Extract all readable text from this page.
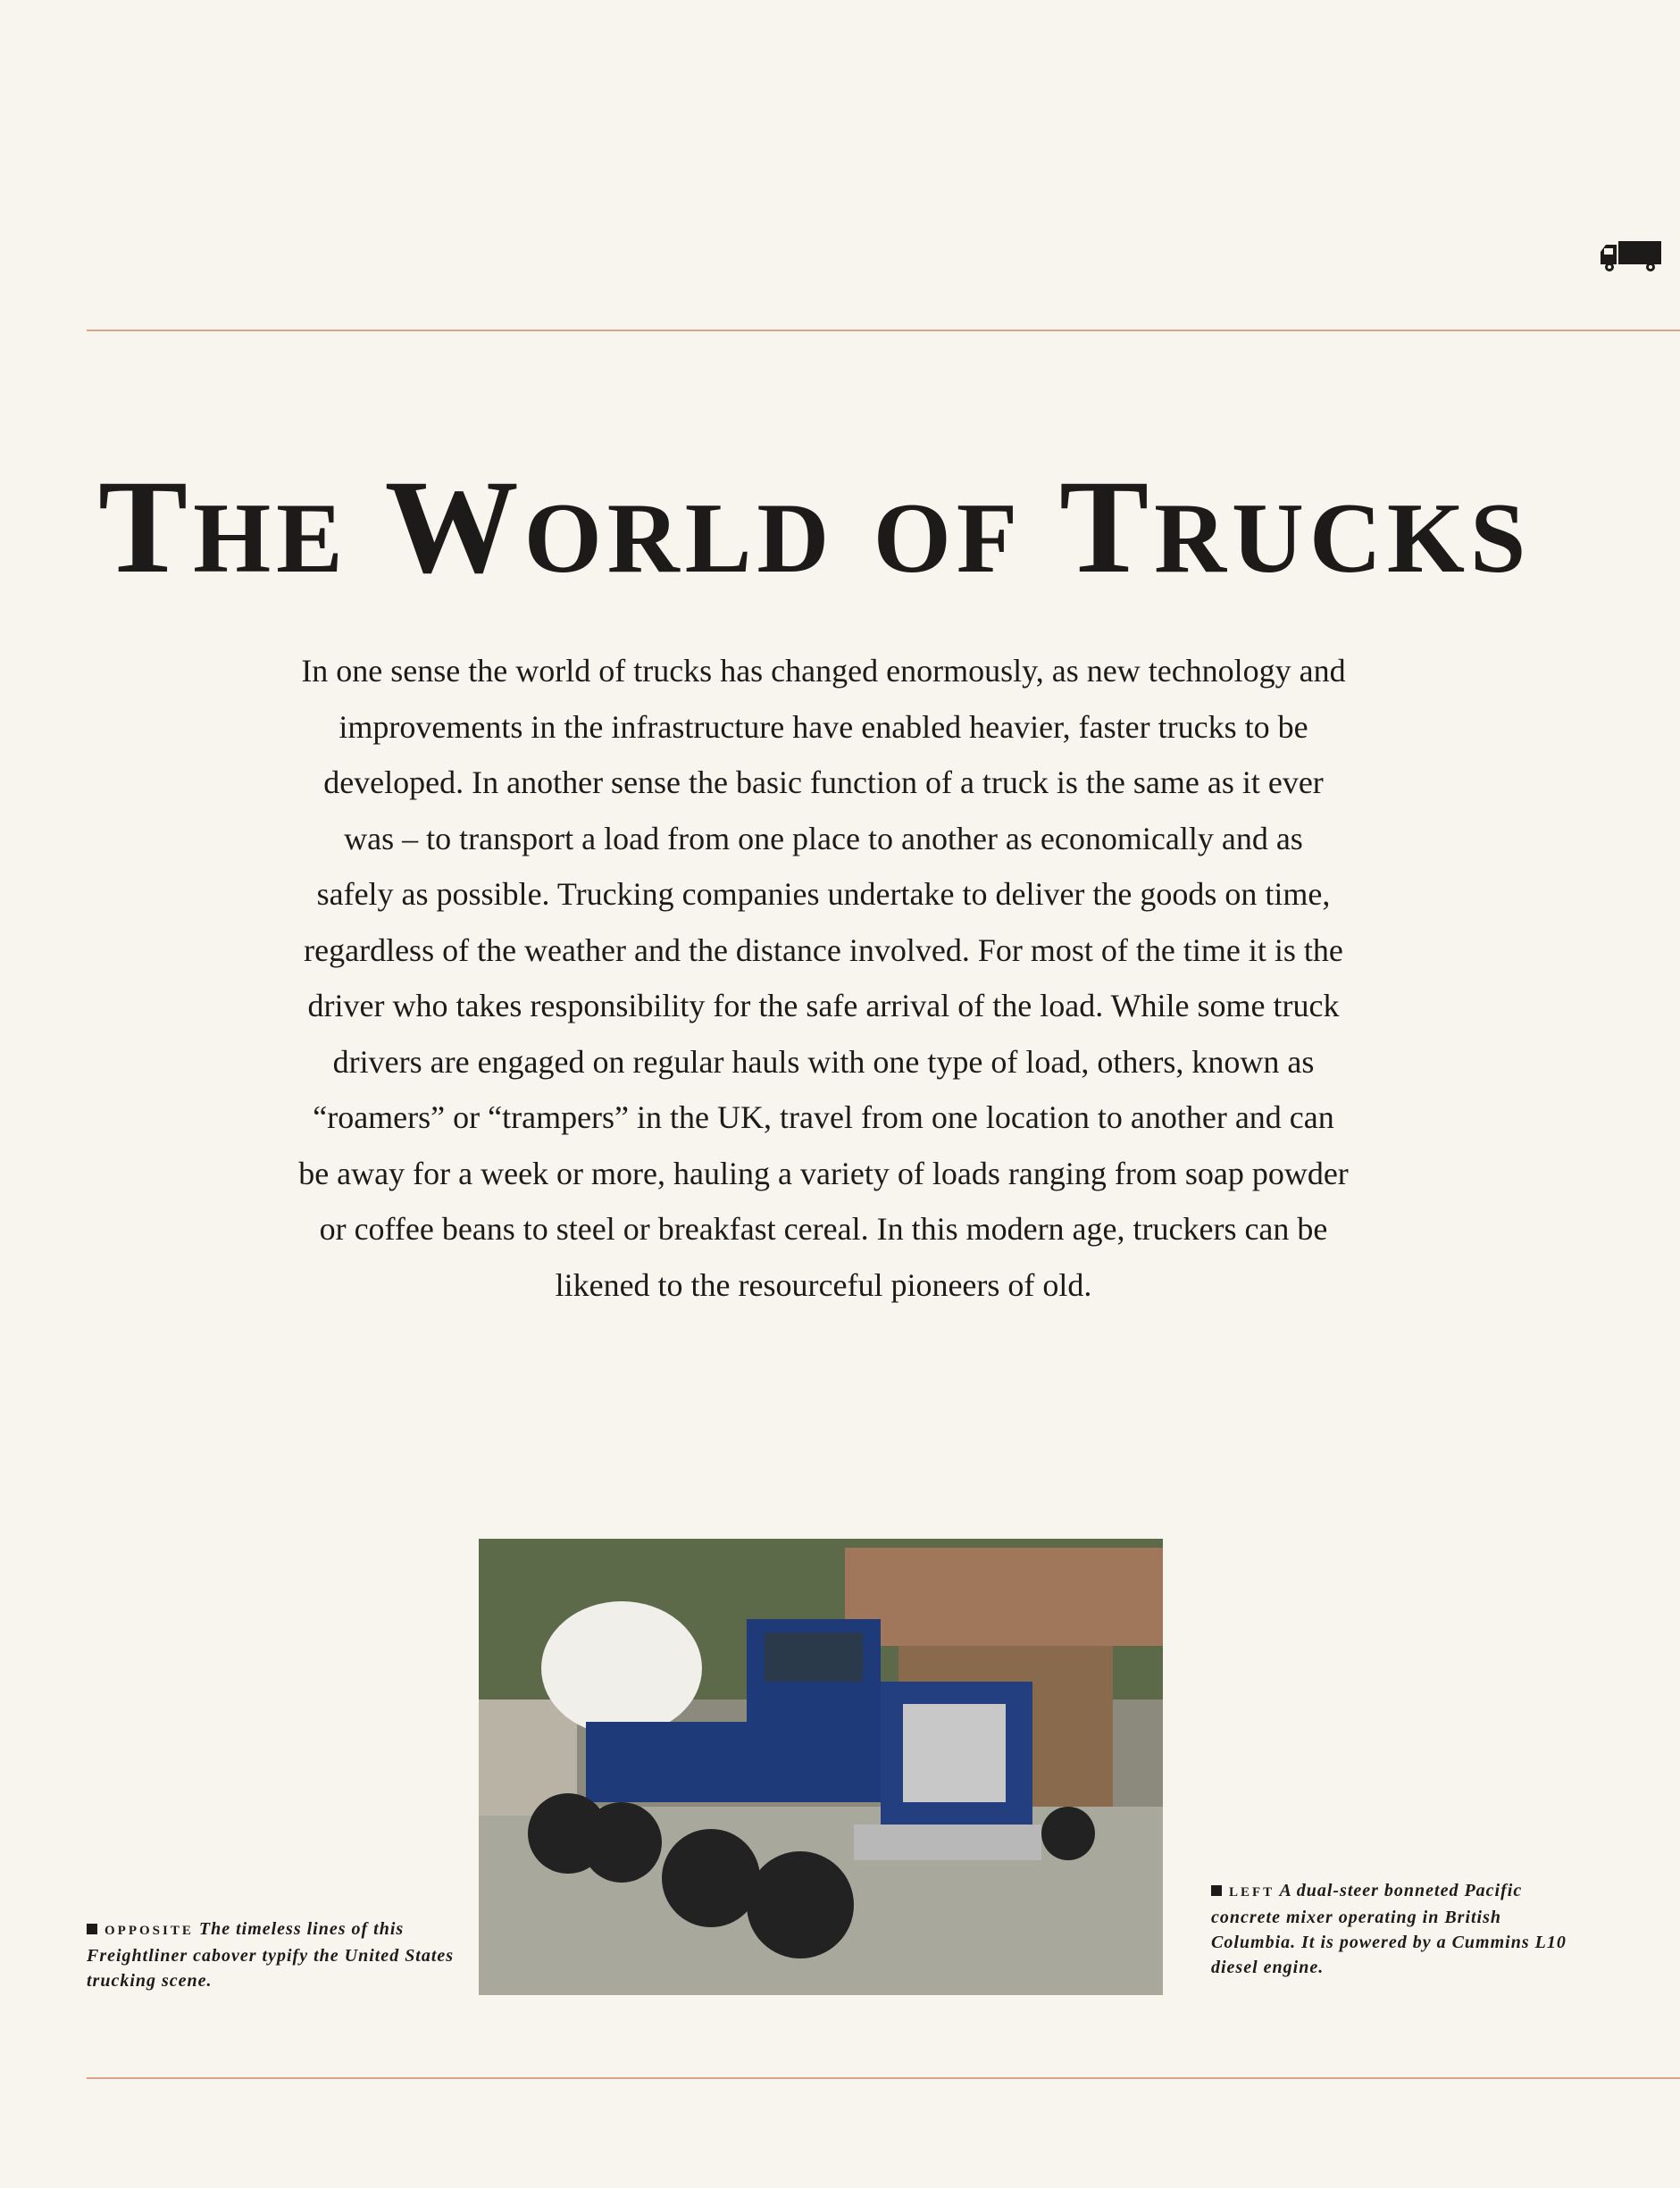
THE WORLD OF TRUCKS
In one sense the world of trucks has changed enormously, as new technology and
improvements in the infrastructure have enabled heavier, faster trucks to be
developed. In another sense the basic function of a truck is the same as it ever
was – to transport a load from one place to another as economically and as
safely as possible. Trucking companies undertake to deliver the goods on time,
regardless of the weather and the distance involved. For most of the time it is the
driver who takes responsibility for the safe arrival of the load. While some truck
drivers are engaged on regular hauls with one type of load, others, known as
“roamers” or “trampers” in the UK, travel from one location to another and can
be away for a week or more, hauling a variety of loads ranging from soap powder
or coffee beans to steel or breakfast cereal. In this modern age, truckers can be
likened to the resourceful pioneers of old.
OPPOSITE The timeless lines of this Freightliner cabover typify the United States trucking scene.
LEFT A dual-steer bonneted Pacific concrete mixer operating in British Columbia. It is powered by a Cummins L10 diesel engine.
